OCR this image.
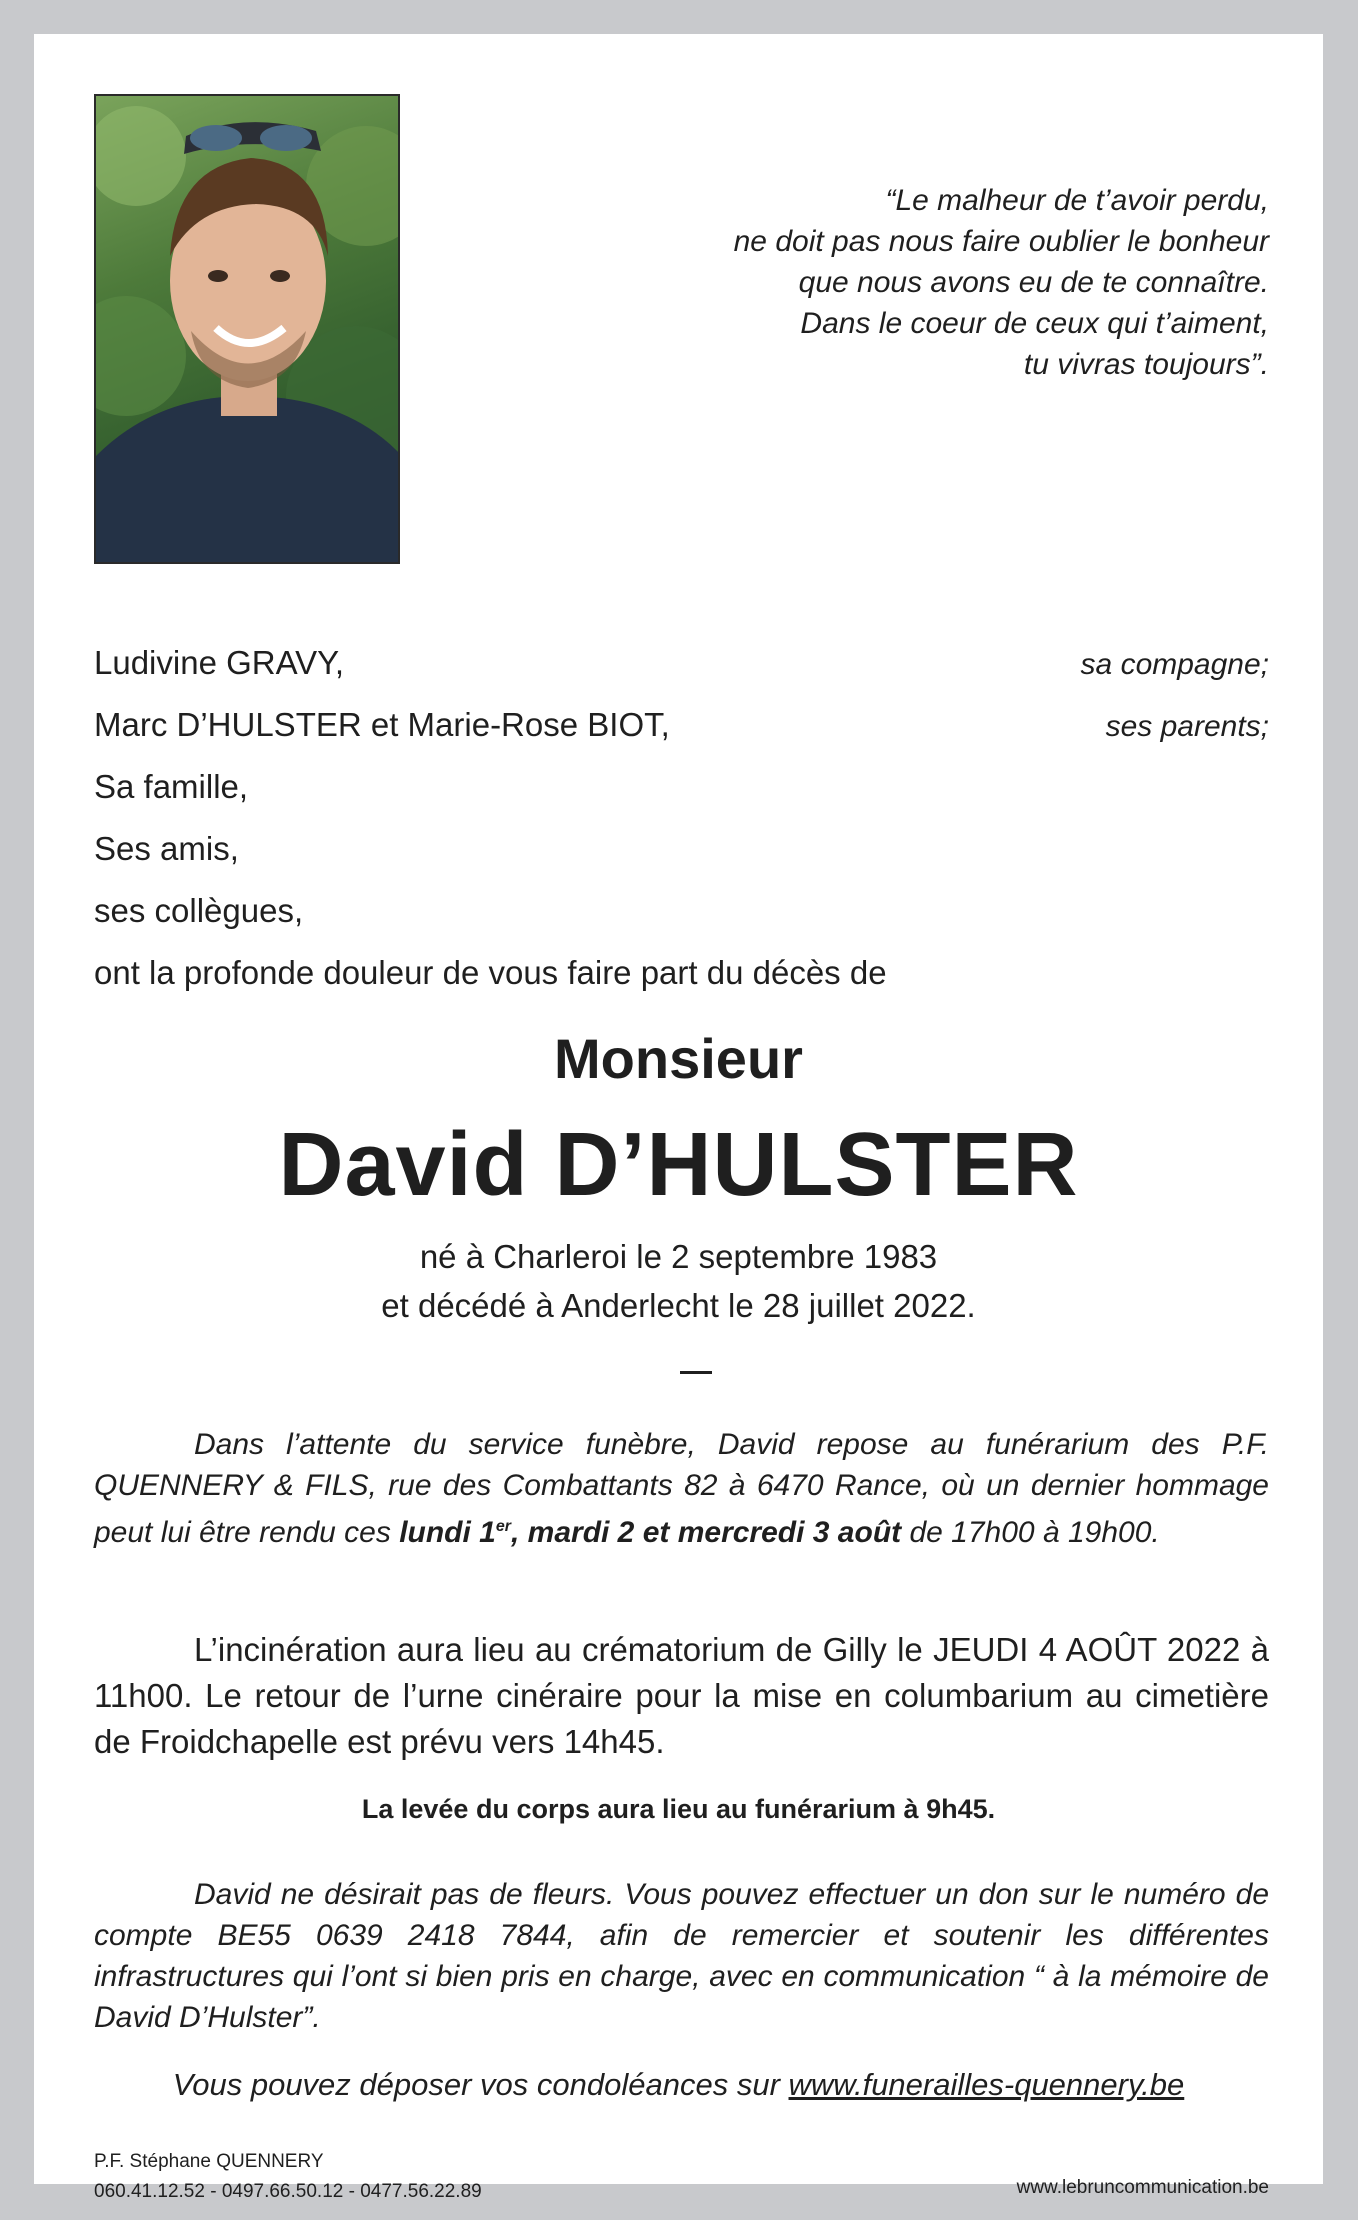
“Le malheur de t’avoir perdu,
ne doit pas nous faire oublier le bonheur
que nous avons eu de te connaître.
Dans le coeur de ceux qui t’aiment,
tu vivras toujours”.
Ludivine GRAVY,	sa compagne;
Marc D’HULSTER et Marie-Rose BIOT,	ses parents;
Sa famille,
Ses amis,
ses collègues,
ont la profonde douleur de vous faire part du décès de
Monsieur
David D’HULSTER
né à Charleroi le 2 septembre 1983
et décédé à Anderlecht le 28 juillet 2022.
Dans l’attente du service funèbre, David repose au funérarium des P.F. QUENNERY & FILS, rue des Combattants 82 à 6470 Rance, où un dernier hommage peut lui être rendu ces lundi 1er, mardi 2 et mercredi 3 août de 17h00 à 19h00.
L’incinération aura lieu au crématorium de Gilly le JEUDI 4 AOÛT 2022 à 11h00. Le retour de l’urne cinéraire pour la mise en columbarium au cimetière de Froidchapelle est prévu vers 14h45.
La levée du corps aura lieu au funérarium à 9h45.
David ne désirait pas de fleurs. Vous pouvez effectuer un don sur le numéro de compte BE55 0639 2418 7844, afin de remercier et soutenir les différentes infrastructures qui l’ont si bien pris en charge, avec en communication “ à la mémoire de David D’Hulster”.
Vous pouvez déposer vos condoléances sur www.funerailles-quennery.be
P.F. Stéphane QUENNERY
060.41.12.52 - 0497.66.50.12 - 0477.56.22.89	www.lebruncommunication.be
